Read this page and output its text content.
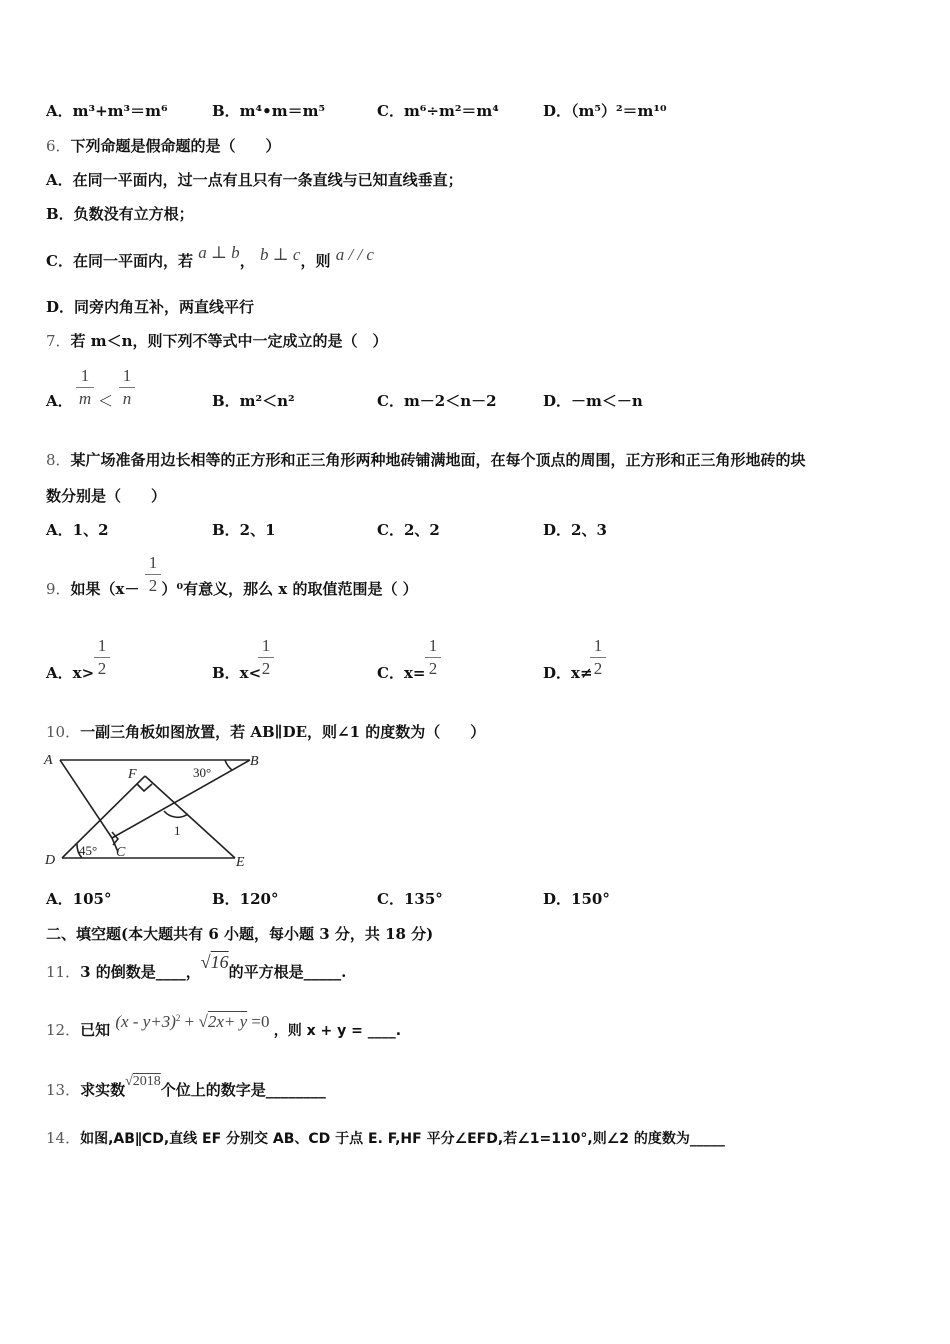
A．m³+m³＝m⁶	B．m⁴•m＝m⁵	C．m⁶÷m²＝m⁴	D．（m⁵）²＝m¹⁰
6．下列命题是假命题的是（　　）
A．在同一平面内，过一点有且只有一条直线与已知直线垂直；
B．负数没有立方根；
C．在同一平面内，若 a ⊥ b， b ⊥ c，则 a / / c
D．同旁内角互补，两直线平行
7．若 m＜n，则下列不等式中一定成立的是（　）
A．
1
m ＜
1
n	B．m²＜n²	C．m－2＜n－2	D．－m＜－n
8．某广场准备用边长相等的正方形和正三角形两种地砖铺满地面，在每个顶点的周围，正方形和正三角形地砖的块
数分别是（　　）
A．1、2	B．2、1	C．2、2	D．2、3
9．如果（x－ ）⁰有意义，那么 x 的取值范围是（ ）
1
2
A．x>
1
2	B．x<
1
2	C．x=
1
2	D．x≠
1
2
10．一副三角板如图放置，若 AB∥DE，则∠1 的度数为（　　）
A	B
C
D	E
F	30°
45°
1
A．105°	B．120°	C．135°	D．150°
二、填空题(本大题共有 6 小题，每小题 3 分，共 18 分)
11．3 的倒数是____，√16的平方根是_____.
12．已知 $(x - y+3)^2 + √2x+ y =0$ ，则 x + y = ____.
13．求实数√2018个位上的数字是________
14．如图,AB∥CD,直线 EF 分别交 AB、CD 于点 E. F,HF 平分∠EFD,若∠1=110°,则∠2 的度数为_____
